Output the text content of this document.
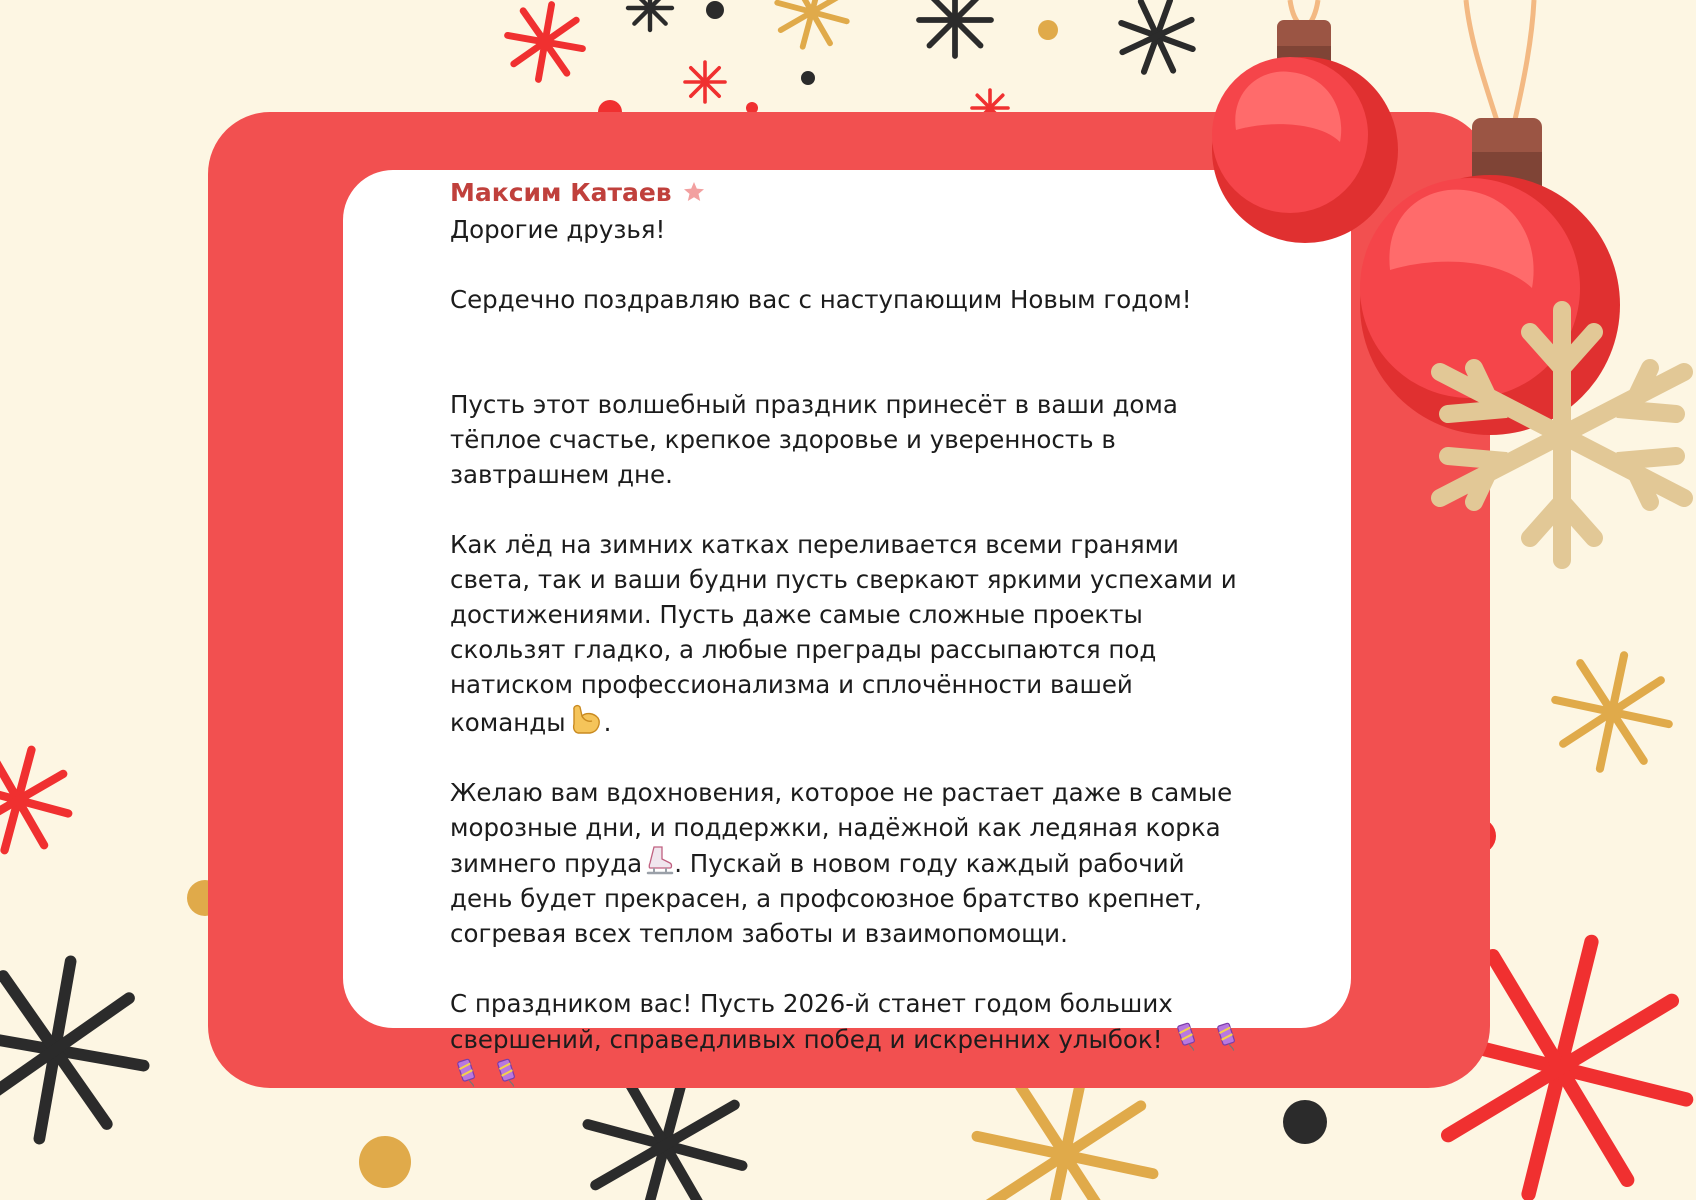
Максим Катаев
Дорогие друзья!
Сердечно поздравляю вас с наступающим Новым годом!
Пусть этот волшебный праздник принесёт в ваши дома тёплое счастье, крепкое здоровье и уверенность в завтрашнем дне.
Как лёд на зимних катках переливается всеми гранями света, так и ваши будни пусть сверкают яркими успехами и достижениями. Пусть даже самые сложные проекты скользят гладко, а любые преграды рассыпаются под натиском профессионализма и сплочённости вашей команды .
Желаю вам вдохновения, которое не растает даже в самые морозные дни, и поддержки, надёжной как ледяная корка зимнего пруда . Пускай в новом году каждый рабочий день будет прекрасен, а профсоюзное братство крепнет, согревая всех теплом заботы и взаимопомощи.
С праздником вас! Пусть 2026-й станет годом больших свершений, справедливых побед и искренних улыбок!
